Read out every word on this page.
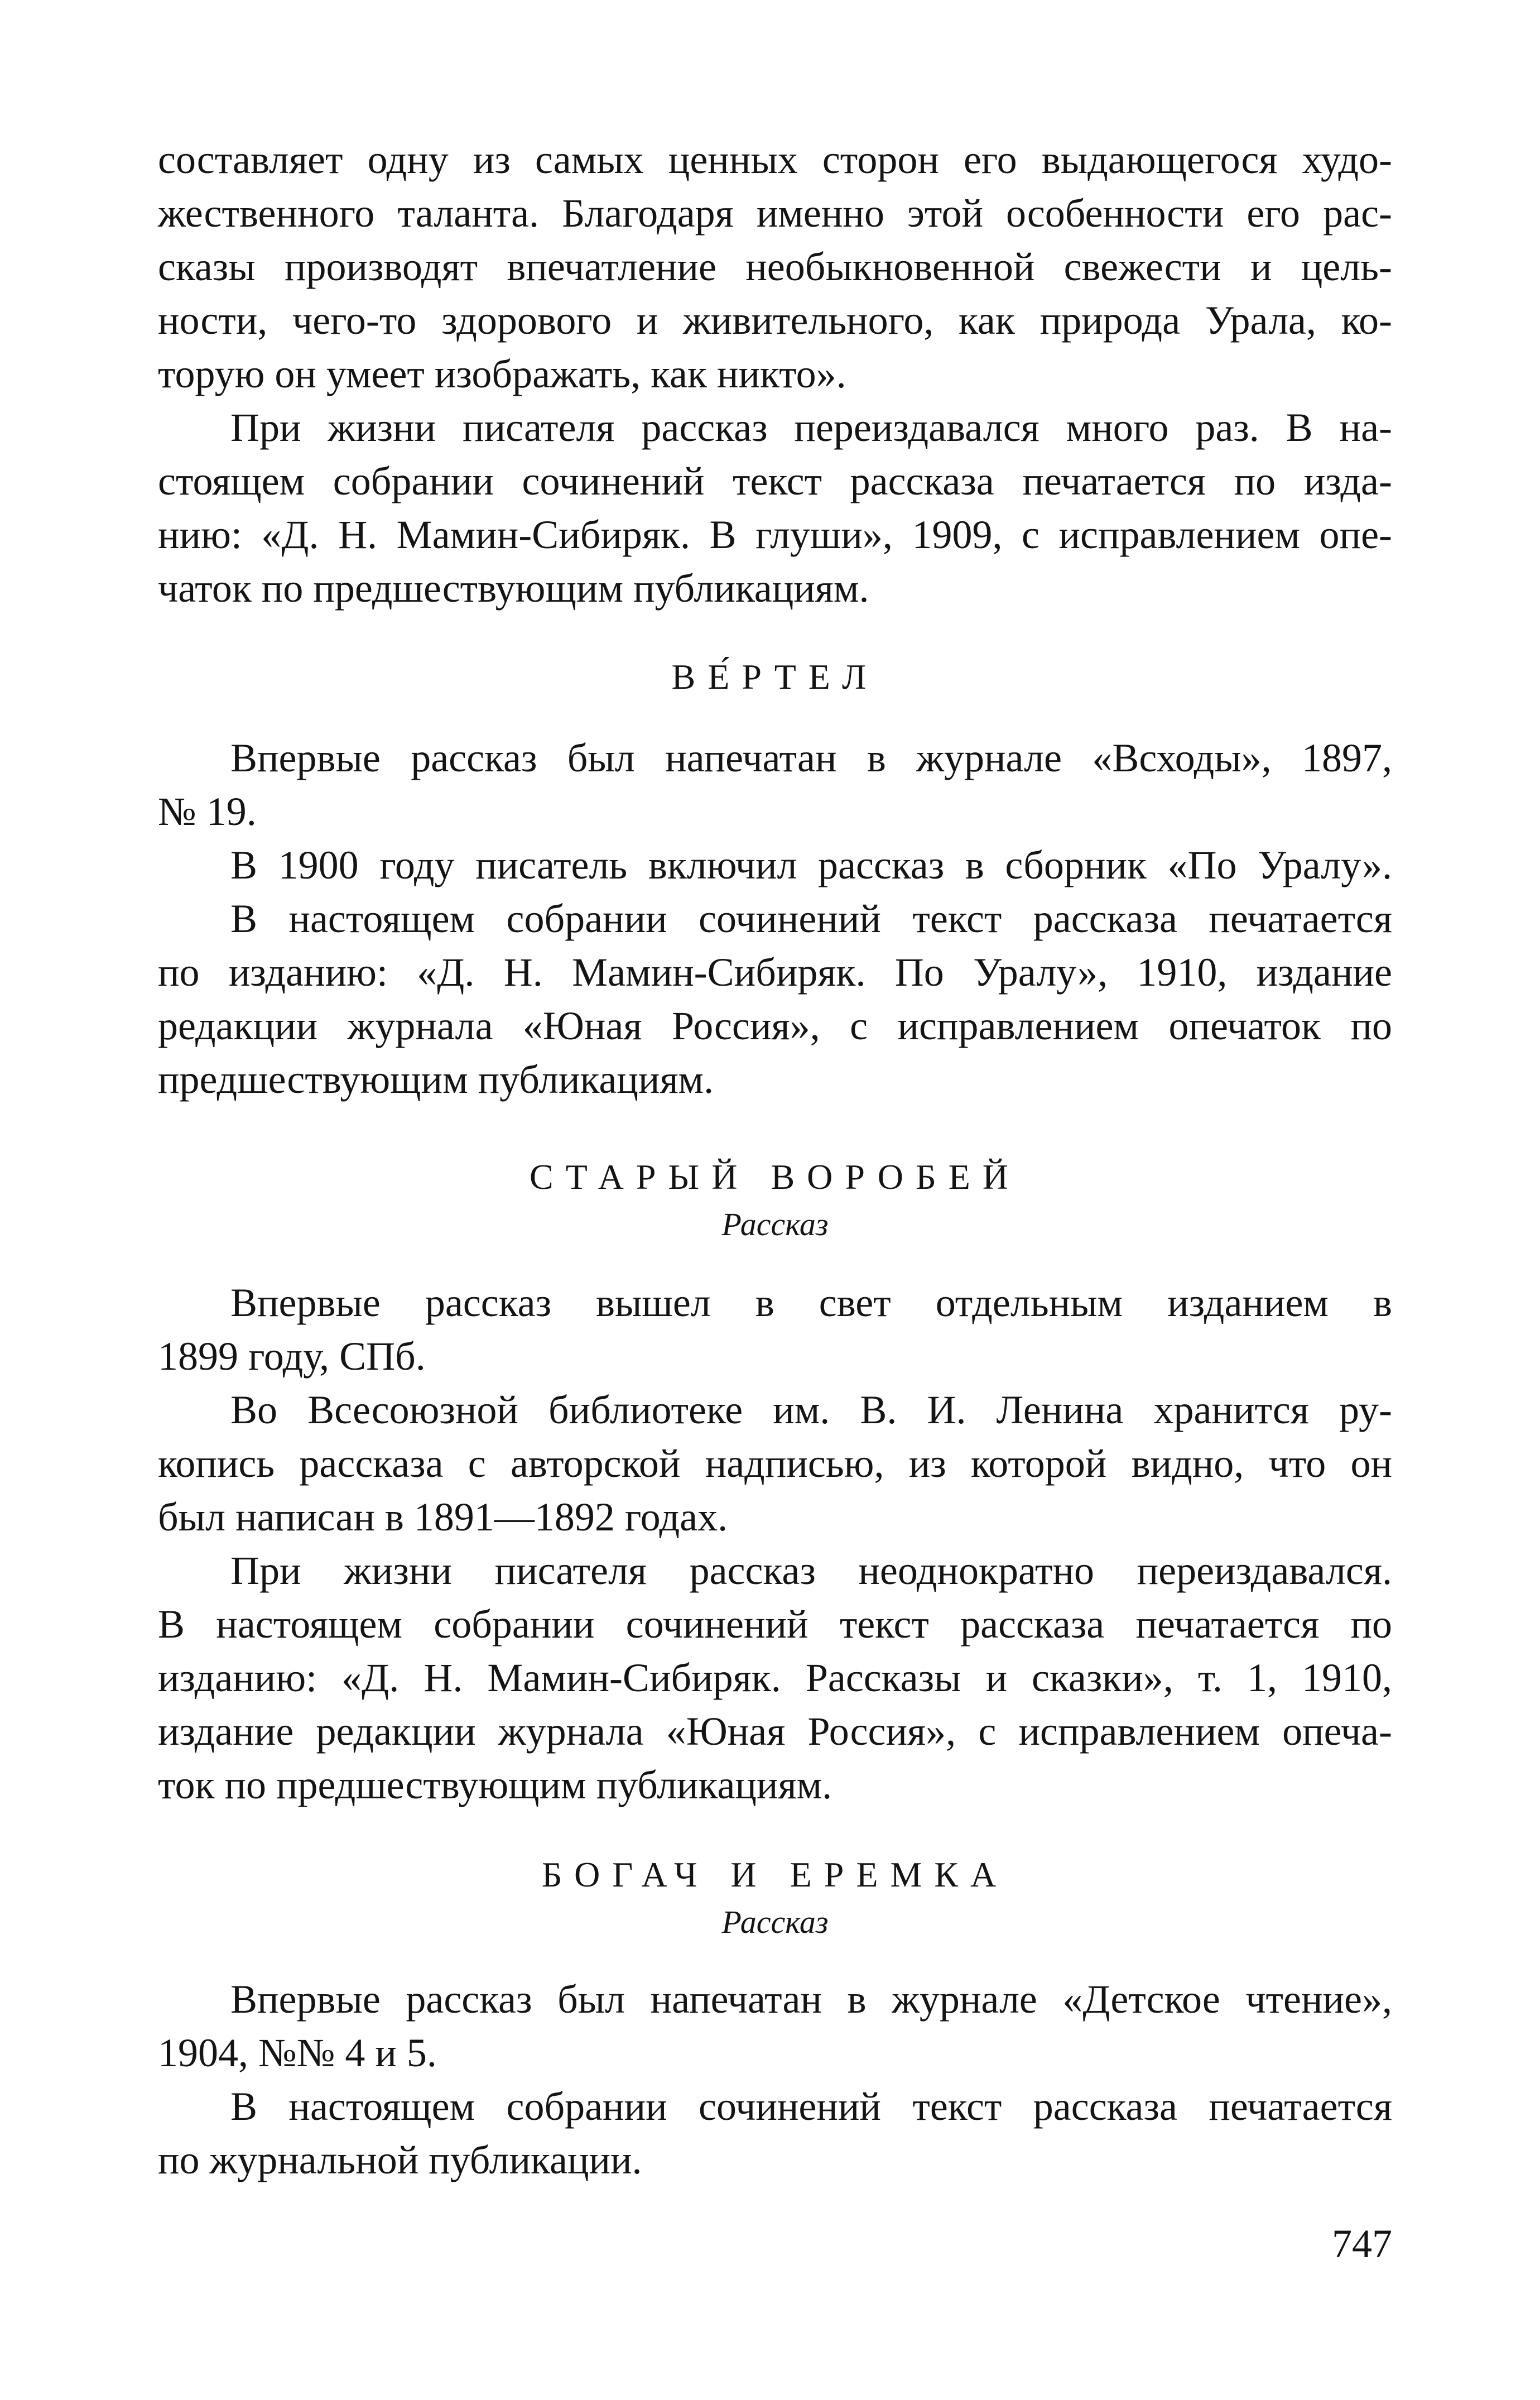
составляет одну из самых ценных сторон его выдающегося худо-
жественного таланта. Благодаря именно этой особенности его рас-
сказы производят впечатление необыкновенной свежести и цель-
ности, чего-то здорового и живительного, как природа Урала, ко-
торую он умеет изображать, как никто».
При жизни писателя рассказ переиздавался много раз. В на-
стоящем собрании сочинений текст рассказа печатается по изда-
нию: «Д. Н. Мамин-Сибиряк. В глуши», 1909, с исправлением опе-
чаток по предшествующим публикациям.
ВЕ́РТЕЛ
Впервые рассказ был напечатан в журнале «Всходы», 1897,
№ 19.
В 1900 году писатель включил рассказ в сборник «По Уралу».
В настоящем собрании сочинений текст рассказа печатается
по изданию: «Д. Н. Мамин-Сибиряк. По Уралу», 1910, издание
редакции журнала «Юная Россия», с исправлением опечаток по
предшествующим публикациям.
СТАРЫЙ ВОРОБЕЙ
Рассказ
Впервые рассказ вышел в свет отдельным изданием в
1899 году, СПб.
Во Всесоюзной библиотеке им. В. И. Ленина хранится ру-
копись рассказа с авторской надписью, из которой видно, что он
был написан в 1891—1892 годах.
При жизни писателя рассказ неоднократно переиздавался.
В настоящем собрании сочинений текст рассказа печатается по
изданию: «Д. Н. Мамин-Сибиряк. Рассказы и сказки», т. 1, 1910,
издание редакции журнала «Юная Россия», с исправлением опеча-
ток по предшествующим публикациям.
БОГАЧ И ЕРЕМКА
Рассказ
Впервые рассказ был напечатан в журнале «Детское чтение»,
1904, №№ 4 и 5.
В настоящем собрании сочинений текст рассказа печатается
по журнальной публикации.
747
